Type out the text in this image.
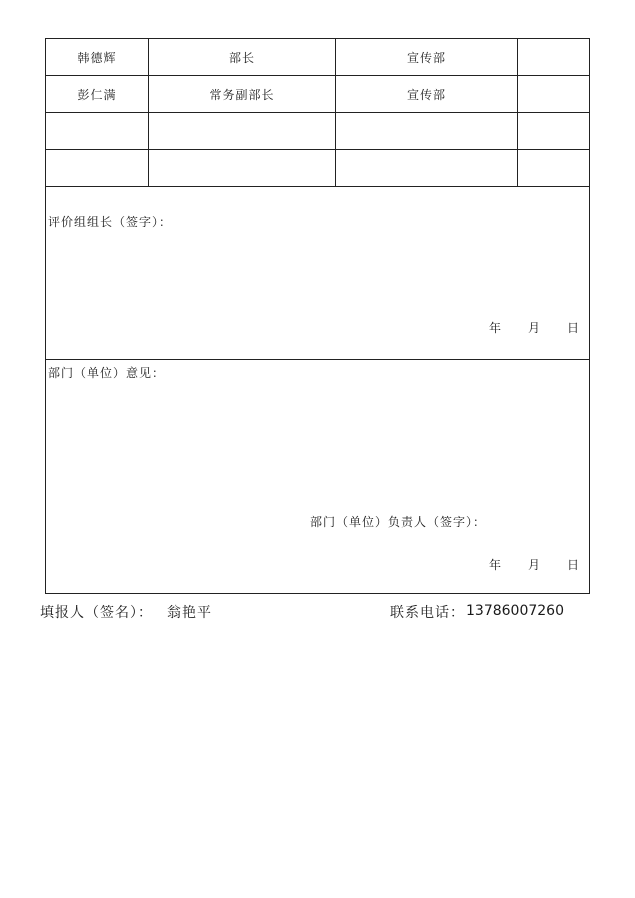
韩德辉	部长	宣传部
彭仁满	常务副部长	宣传部
评价组组长（签字）：
年 月 日
部门（单位）意见：
部门（单位）负责人（签字）：
年 月 日
填报人（签名）： 翁艳平	联系电话： 13786007260
